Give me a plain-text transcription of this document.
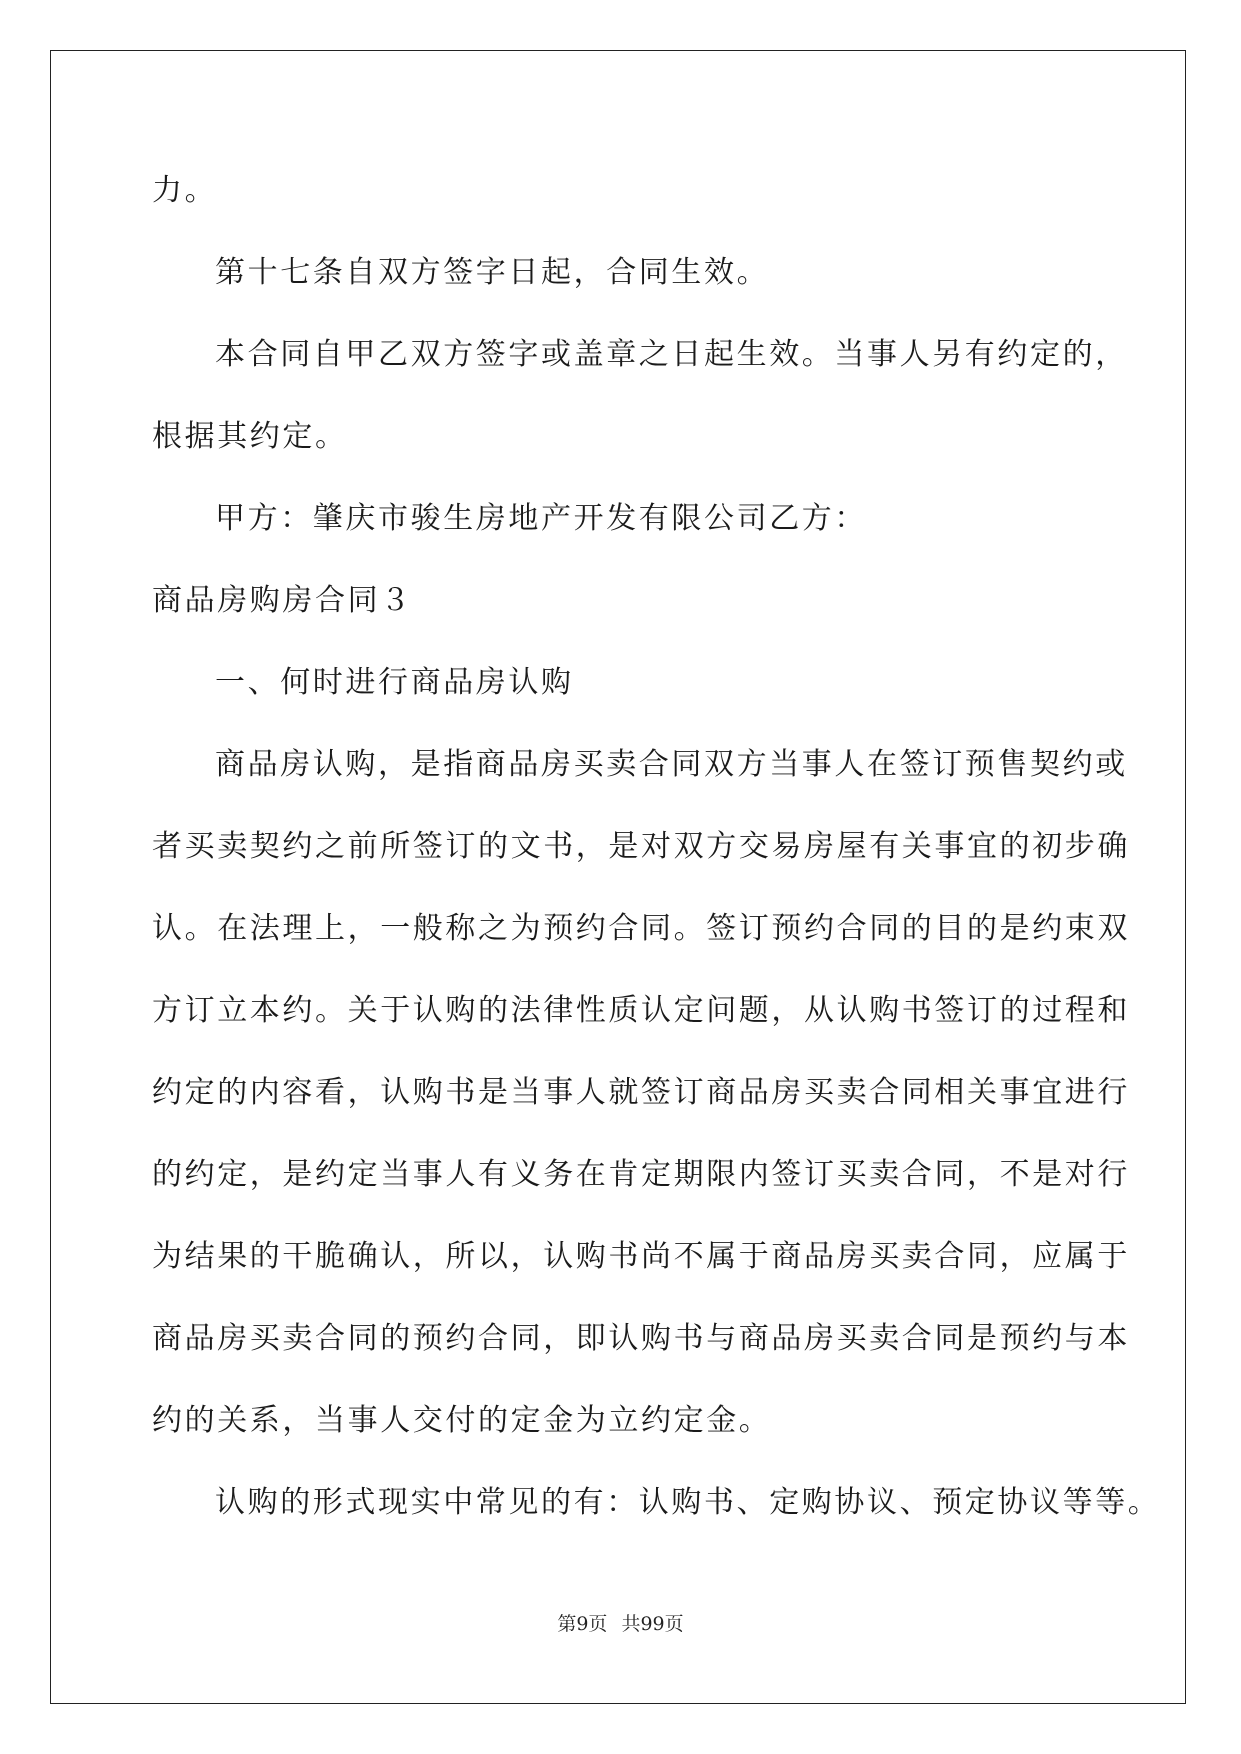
力。
第十七条自双方签字日起，合同生效。
本合同自甲乙双方签字或盖章之日起生效。当事人另有约定的，
根据其约定。
甲方：肇庆市骏生房地产开发有限公司乙方：
商品房购房合同３
一、何时进行商品房认购
商品房认购，是指商品房买卖合同双方当事人在签订预售契约或
者买卖契约之前所签订的文书，是对双方交易房屋有关事宜的初步确
认。在法理上，一般称之为预约合同。签订预约合同的目的是约束双
方订立本约。关于认购的法律性质认定问题，从认购书签订的过程和
约定的内容看，认购书是当事人就签订商品房买卖合同相关事宜进行
的约定，是约定当事人有义务在肯定期限内签订买卖合同，不是对行
为结果的干脆确认，所以，认购书尚不属于商品房买卖合同，应属于
商品房买卖合同的预约合同，即认购书与商品房买卖合同是预约与本
约的关系，当事人交付的定金为立约定金。
认购的形式现实中常见的有：认购书、定购协议、预定协议等等。
第9页 共99页
